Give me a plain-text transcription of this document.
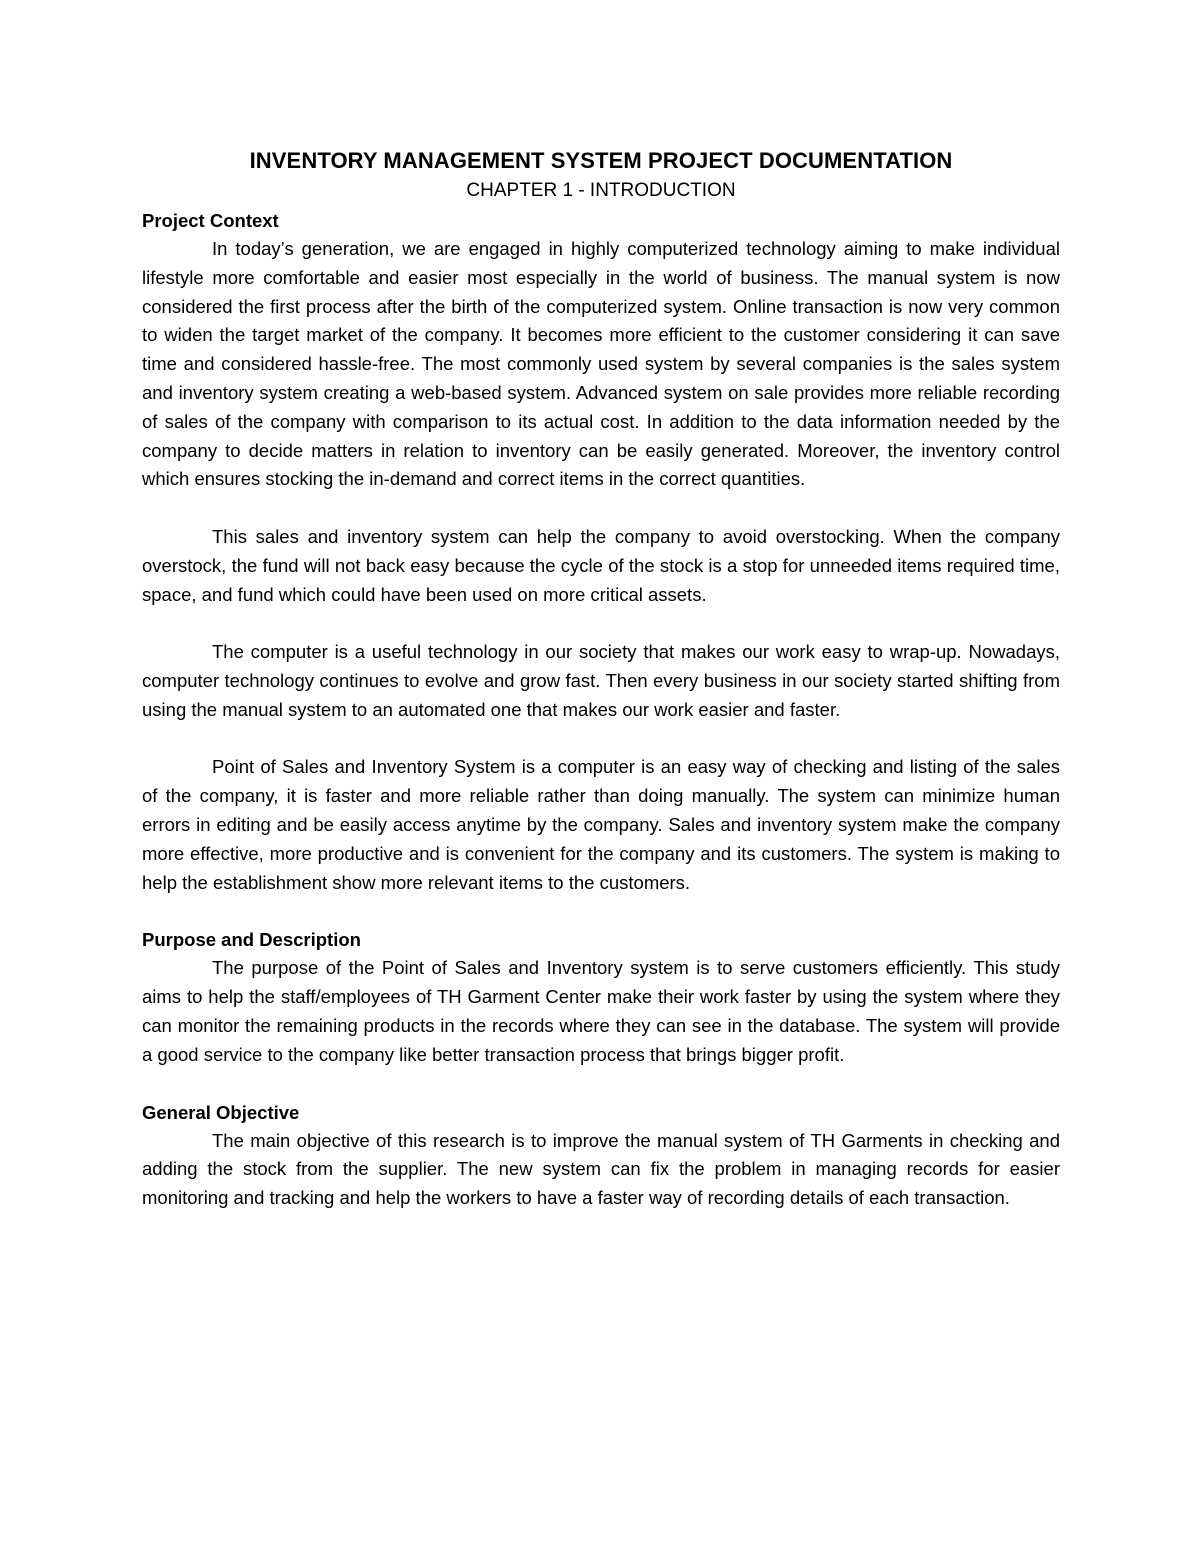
INVENTORY MANAGEMENT SYSTEM PROJECT DOCUMENTATION
CHAPTER 1 - INTRODUCTION
Project Context

In today’s generation, we are engaged in highly computerized technology aiming to make individual lifestyle more comfortable and easier most especially in the world of business. The manual system is now considered the first process after the birth of the computerized system. Online transaction is now very common to widen the target market of the company. It becomes more efficient to the customer considering it can save time and considered hassle-free. The most commonly used system by several companies is the sales system and inventory system creating a web-based system. Advanced system on sale provides more reliable recording of sales of the company with comparison to its actual cost. In addition to the data information needed by the company to decide matters in relation to inventory can be easily generated. Moreover, the inventory control which ensures stocking the in-demand and correct items in the correct quantities.

This sales and inventory system can help the company to avoid overstocking. When the company overstock, the fund will not back easy because the cycle of the stock is a stop for unneeded items required time, space, and fund which could have been used on more critical assets.

The computer is a useful technology in our society that makes our work easy to wrap-up. Nowadays, computer technology continues to evolve and grow fast. Then every business in our society started shifting from using the manual system to an automated one that makes our work easier and faster.

Point of Sales and Inventory System is a computer is an easy way of checking and listing of the sales of the company, it is faster and more reliable rather than doing manually. The system can minimize human errors in editing and be easily access anytime by the company. Sales and inventory system make the company more effective, more productive and is convenient for the company and its customers. The system is making to help the establishment show more relevant items to the customers.

Purpose and Description

The purpose of the Point of Sales and Inventory system is to serve customers efficiently. This study aims to help the staff/employees of TH Garment Center make their work faster by using the system where they can monitor the remaining products in the records where they can see in the database. The system will provide a good service to the company like better transaction process that brings bigger profit.

General Objective

The main objective of this research is to improve the manual system of TH Garments in checking and adding the stock from the supplier. The new system can fix the problem in managing records for easier monitoring and tracking and help the workers to have a faster way of recording details of each transaction.
